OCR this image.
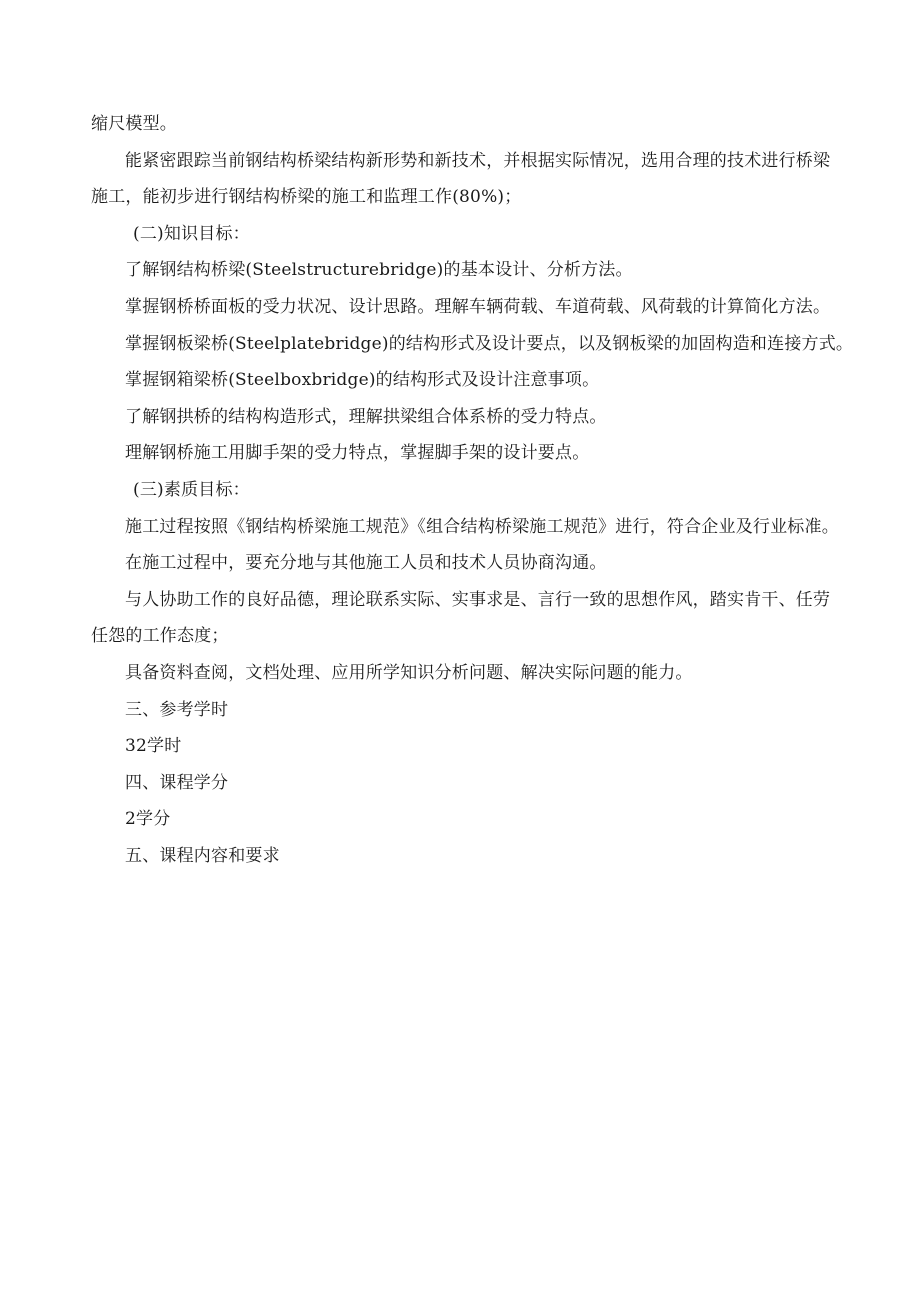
缩尺模型。

能紧密跟踪当前钢结构桥梁结构新形势和新技术，并根据实际情况，选用合理的技术进行桥梁

施工，能初步进行钢结构桥梁的施工和监理工作(80%)；

(二)知识目标：

了解钢结构桥梁(Steelstructurebridge)的基本设计、分析方法。

掌握钢桥桥面板的受力状况、设计思路。理解车辆荷载、车道荷载、风荷载的计算简化方法。

掌握钢板梁桥(Steelplatebridge)的结构形式及设计要点，以及钢板梁的加固构造和连接方式。

掌握钢箱梁桥(Steelboxbridge)的结构形式及设计注意事项。

了解钢拱桥的结构构造形式，理解拱梁组合体系桥的受力特点。

理解钢桥施工用脚手架的受力特点，掌握脚手架的设计要点。

(三)素质目标：

施工过程按照《钢结构桥梁施工规范》《组合结构桥梁施工规范》进行，符合企业及行业标准。

在施工过程中，要充分地与其他施工人员和技术人员协商沟通。

与人协助工作的良好品德，理论联系实际、实事求是、言行一致的思想作风，踏实肯干、任劳

任怨的工作态度；

具备资料查阅，文档处理、应用所学知识分析问题、解决实际问题的能力。

三、参考学时

32学时

四、课程学分

2学分

五、课程内容和要求
